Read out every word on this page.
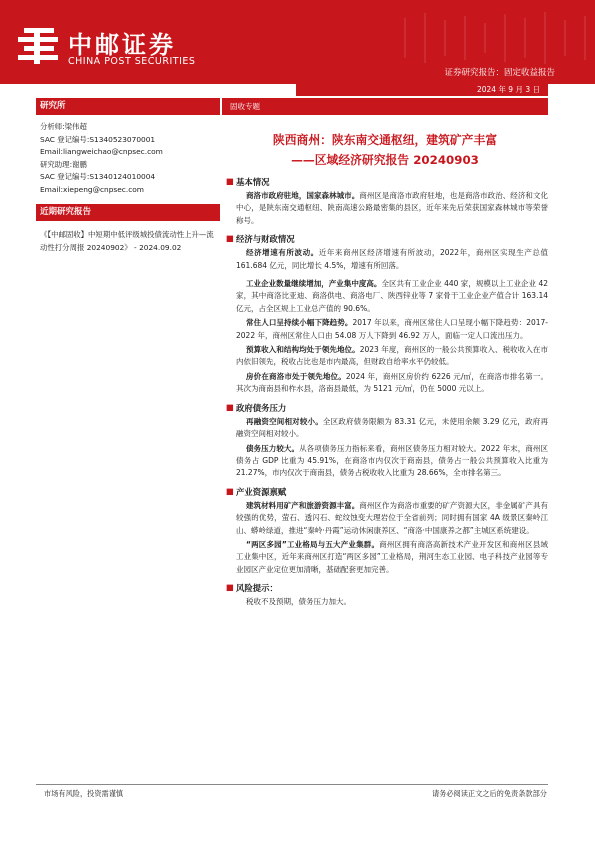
中邮证券
CHINA POST SECURITIES
证券研究报告：固定收益报告
2024 年 9 月 3 日
研究所
分析师:梁伟超
SAC 登记编号:S1340523070001
Email:liangweichao@cnpsec.com
研究助理:谢鹏
SAC 登记编号:S1340124010004
Email:xiepeng@cnpsec.com
近期研究报告
《【中邮固收】中短期中低评级城投债流动性上升—流动性打分周报 20240902》 - 2024.09.02
固收专题
陕西商州：陕东南交通枢纽，建筑矿产丰富
——区域经济研究报告 20240903
■ 基本情况
商洛市政府驻地，国家森林城市。商州区是商洛市政府驻地，也是商洛市政治、经济和文化中心，是陕东南交通枢纽、陕南高速公路最密集的县区，近年来先后荣获国家森林城市等荣誉称号。
■ 经济与财政情况
经济增速有所波动。近年来商州区经济增速有所波动，2022年，商州区实现生产总值 161.684 亿元，同比增长 4.5%，增速有所回落。
工业企业数量继续增加，产业集中度高。全区共有工业企业 440 家，规模以上工业企业 42 家，其中商洛比亚迪、商洛供电、商洛电厂、陕西锌业等 7 家骨干工业企业产值合计 163.14 亿元，占全区规上工业总产值的 90.6%。
常住人口呈持续小幅下降趋势。2017 年以来，商州区常住人口呈现小幅下降趋势：2017-2022 年，商州区常住人口由 54.08 万人下降到 46.92 万人，面临一定人口流出压力。
预算收入和结构均处于领先地位。2023 年度，商州区的一般公共预算收入、税收收入在市内依旧领先，税收占比也是市内最高，但财政自给率水平仍较低。
房价在商洛市处于领先地位。2024 年，商州区房价约 6226 元/㎡，在商洛市排名第一。其次为商南县和柞水县，洛南县最低，为 5121 元/㎡，仍在 5000 元以上。
■ 政府债务压力
再融资空间相对较小。全区政府债务限额为 83.31 亿元，未使用余额 3.29 亿元，政府再融资空间相对较小。
债务压力较大。从各项债务压力指标来看，商州区债务压力相对较大。2022 年末，商州区债务占 GDP 比重为 45.91%，在商洛市内仅次于商南县，债务占一般公共预算收入比重为 21.27%，市内仅次于商南县，债务占税收收入比重为 28.66%，全市排名第三。
■ 产业资源禀赋
建筑材料用矿产和旅游资源丰富。商州区作为商洛市重要的矿产资源大区，非金属矿产具有较强的优势，萤石、透闪石、蛇纹蚀变大理岩位于全省前列；同时拥有国家 4A 级景区秦岭江山、蟒岭绿道，推进“秦岭·丹霞”运动休闲康养区、“商洛·中国康养之都”主城区系统建设。
“两区多园”工业格局与五大产业集群。商州区拥有商洛高新技术产业开发区和商州区县域工业集中区，近年来商州区打造“两区多园”工业格局，荆河生态工业园、电子科技产业园等专业园区产业定位更加清晰，基础配套更加完善。
■ 风险提示：
税收不及预期，债务压力加大。
市场有风险，投资需谨慎	请务必阅读正文之后的免责条款部分
